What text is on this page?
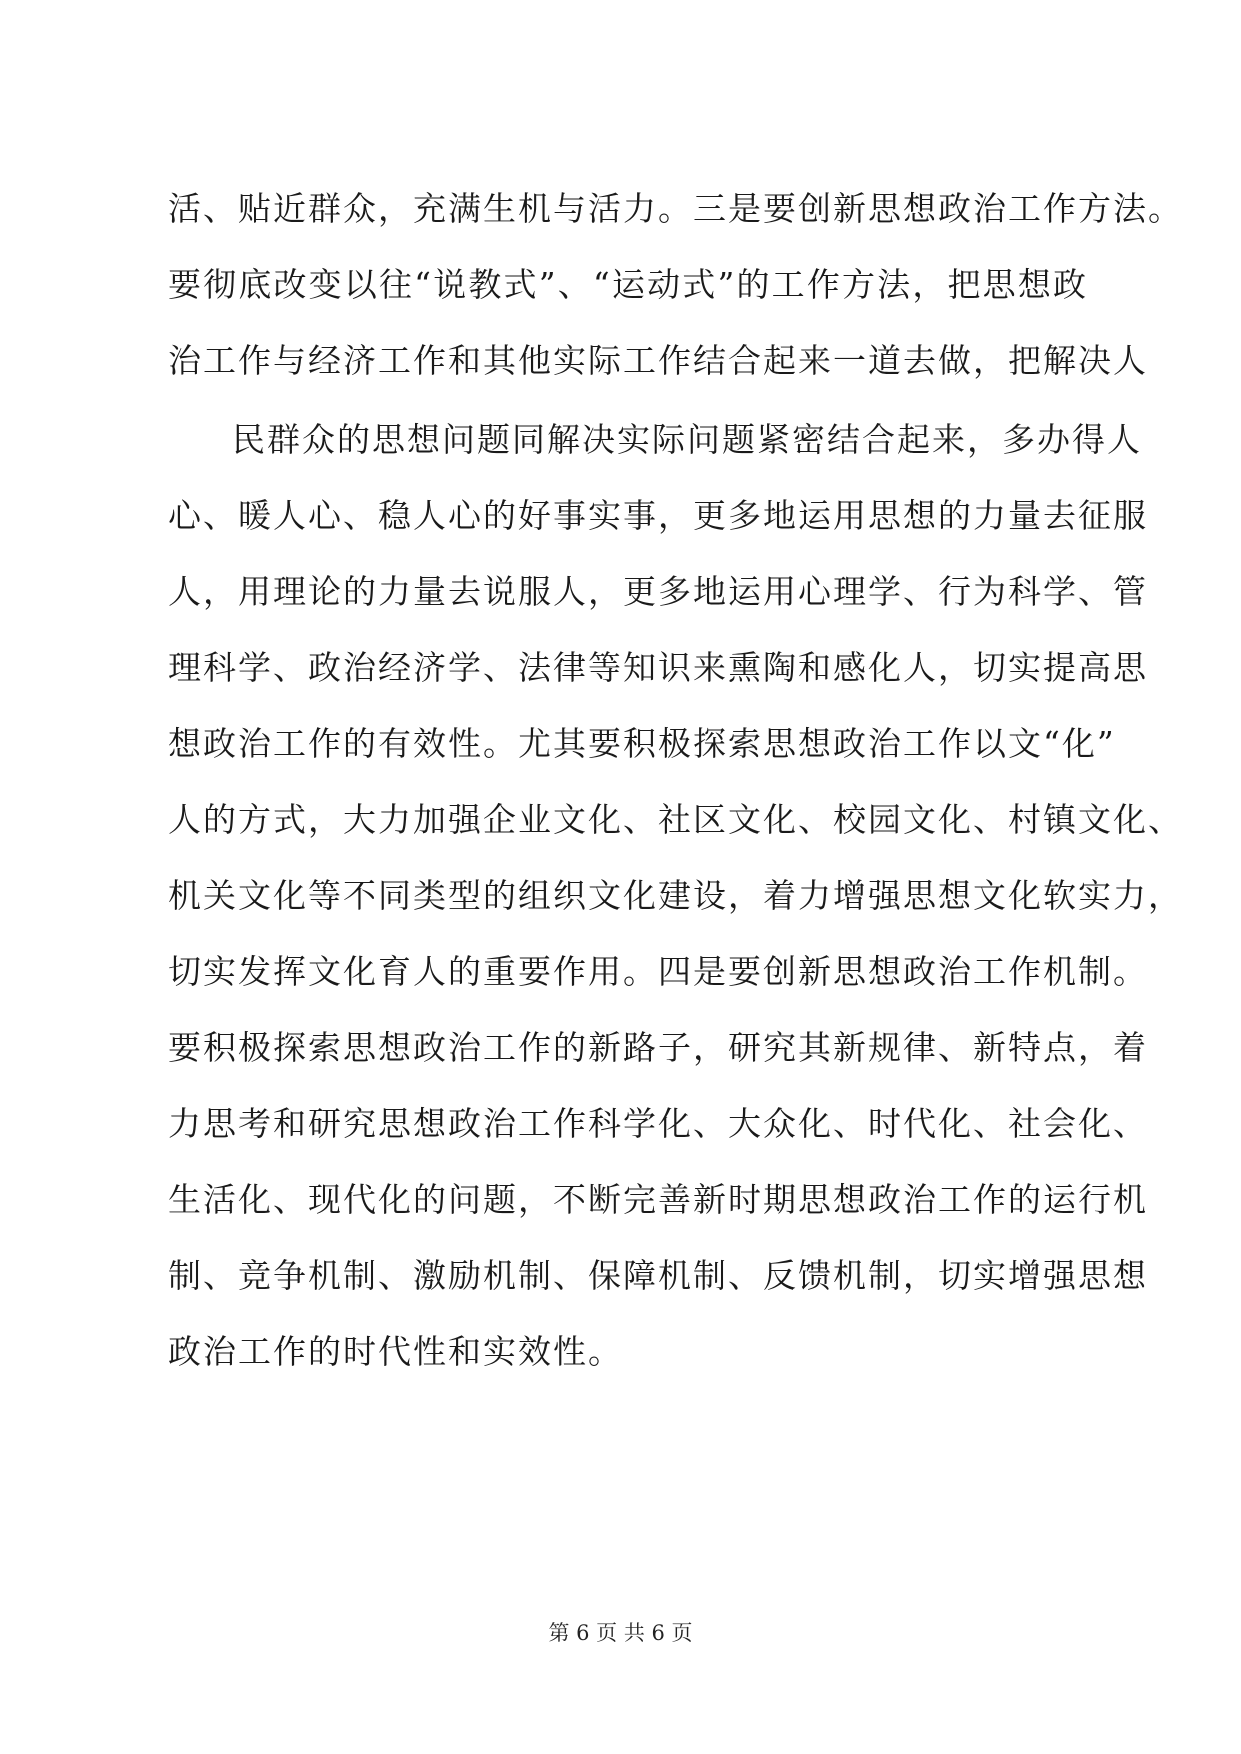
活、贴近群众，充满生机与活力。三是要创新思想政治工作方法。
要彻底改变以往“说教式”、“运动式”的工作方法，把思想政
治工作与经济工作和其他实际工作结合起来一道去做，把解决人
民群众的思想问题同解决实际问题紧密结合起来，多办得人
心、暖人心、稳人心的好事实事，更多地运用思想的力量去征服
人，用理论的力量去说服人，更多地运用心理学、行为科学、管
理科学、政治经济学、法律等知识来熏陶和感化人，切实提高思
想政治工作的有效性。尤其要积极探索思想政治工作以文“化”
人的方式，大力加强企业文化、社区文化、校园文化、村镇文化、
机关文化等不同类型的组织文化建设，着力增强思想文化软实力，
切实发挥文化育人的重要作用。四是要创新思想政治工作机制。
要积极探索思想政治工作的新路子，研究其新规律、新特点，着
力思考和研究思想政治工作科学化、大众化、时代化、社会化、
生活化、现代化的问题，不断完善新时期思想政治工作的运行机
制、竞争机制、激励机制、保障机制、反馈机制，切实增强思想
政治工作的时代性和实效性。
第 6 页 共 6 页
